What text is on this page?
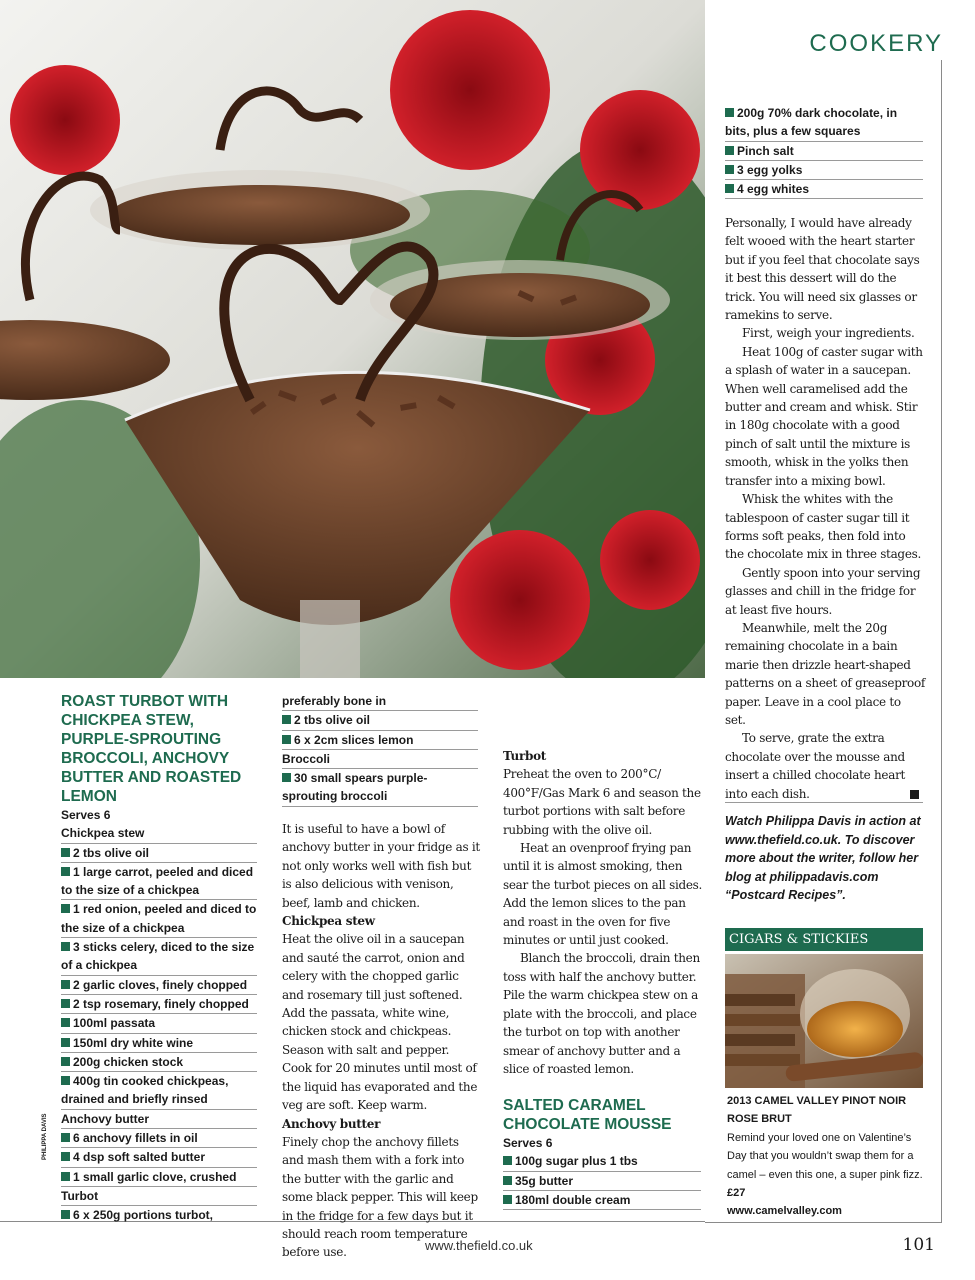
COOKERY
ROAST TURBOT WITH CHICKPEA STEW, PURPLE-SPROUTING BROCCOLI, ANCHOVY BUTTER AND ROASTED LEMON
Serves 6
Chickpea stew
2 tbs olive oil
1 large carrot, peeled and diced to the size of a chickpea
1 red onion, peeled and diced to the size of a chickpea
3 sticks celery, diced to the size of a chickpea
2 garlic cloves, finely chopped
2 tsp rosemary, finely chopped
100ml passata
150ml dry white wine
200g chicken stock
400g tin cooked chickpeas, drained and briefly rinsed
Anchovy butter
6 anchovy fillets in oil
4 dsp soft salted butter
1 small garlic clove, crushed
Turbot
6 x 250g portions turbot,
PHILIPPA DAVIS
preferably bone in
2 tbs olive oil
6 x 2cm slices lemon
Broccoli
30 small spears purple-sprouting broccoli

It is useful to have a bowl of anchovy butter in your fridge as it not only works well with fish but is also delicious with venison, beef, lamb and chicken.

Chickpea stew

Heat the olive oil in a saucepan and sauté the carrot, onion and celery with the chopped garlic and rosemary till just softened. Add the passata, white wine, chicken stock and chickpeas. Season with salt and pepper. Cook for 20 minutes until most of the liquid has evaporated and the veg are soft. Keep warm.

Anchovy butter

Finely chop the anchovy fillets and mash them with a fork into the butter with the garlic and some black pepper. This will keep in the fridge for a few days but it should reach room temperature before use.

Turbot

Preheat the oven to 200°C/ 400°F/Gas Mark 6 and season the turbot portions with salt before rubbing with the olive oil.

Heat an ovenproof frying pan until it is almost smoking, then sear the turbot pieces on all sides. Add the lemon slices to the pan and roast in the oven for five minutes or until just cooked.

Blanch the broccoli, drain then toss with half the anchovy butter. Pile the warm chickpea stew on a plate with the broccoli, and place the turbot on top with another smear of anchovy butter and a slice of roasted lemon.

SALTED CARAMEL CHOCOLATE MOUSSE
Serves 6
100g sugar plus 1 tbs
35g butter
180ml double cream
200g 70% dark chocolate, in bits, plus a few squares
Pinch salt
3 egg yolks
4 egg whites

Personally, I would have already felt wooed with the heart starter but if you feel that chocolate says it best this dessert will do the trick. You will need six glasses or ramekins to serve.

First, weigh your ingredients.

Heat 100g of caster sugar with a splash of water in a saucepan. When well caramelised add the butter and cream and whisk. Stir in 180g chocolate with a good pinch of salt until the mixture is smooth, whisk in the yolks then transfer into a mixing bowl.

Whisk the whites with the tablespoon of caster sugar till it forms soft peaks, then fold into the chocolate mix in three stages.

Gently spoon into your serving glasses and chill in the fridge for at least five hours.

Meanwhile, melt the 20g remaining chocolate in a bain marie then drizzle heart-shaped patterns on a sheet of greaseproof paper. Leave in a cool place to set.

To serve, grate the extra chocolate over the mousse and insert a chilled chocolate heart into each dish.

Watch Philippa Davis in action at www.thefield.co.uk. To discover more about the writer, follow her blog at philippadavis.com “Postcard Recipes”.
CIGARS & STICKIES
2013 CAMEL VALLEY PINOT NOIR ROSE BRUT
Remind your loved one on Valentine’s Day that you wouldn’t swap them for a camel – even this one, a super pink fizz.
£27
www.camelvalley.com
www.thefield.co.uk	101
